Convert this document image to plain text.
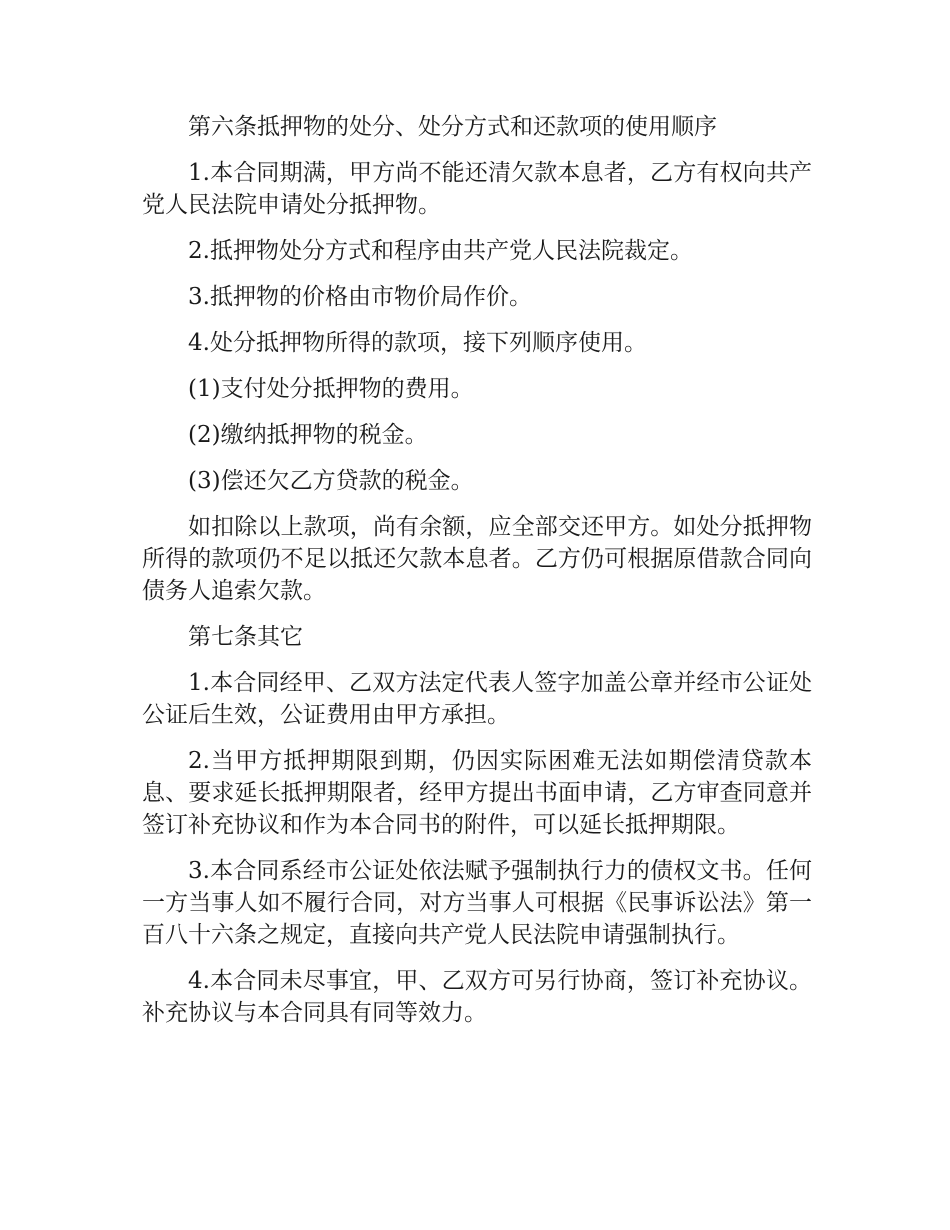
第六条抵押物的处分、处分方式和还款项的使用顺序

1.本合同期满，甲方尚不能还清欠款本息者，乙方有权向共产党人民法院申请处分抵押物。

2.抵押物处分方式和程序由共产党人民法院裁定。

3.抵押物的价格由市物价局作价。

4.处分抵押物所得的款项，接下列顺序使用。

(1)支付处分抵押物的费用。

(2)缴纳抵押物的税金。

(3)偿还欠乙方贷款的税金。

如扣除以上款项，尚有余额，应全部交还甲方。如处分抵押物所得的款项仍不足以抵还欠款本息者。乙方仍可根据原借款合同向债务人追索欠款。

第七条其它

1.本合同经甲、乙双方法定代表人签字加盖公章并经市公证处公证后生效，公证费用由甲方承担。

2.当甲方抵押期限到期，仍因实际困难无法如期偿清贷款本息、要求延长抵押期限者，经甲方提出书面申请，乙方审查同意并签订补充协议和作为本合同书的附件，可以延长抵押期限。

3.本合同系经市公证处依法赋予强制执行力的债权文书。任何一方当事人如不履行合同，对方当事人可根据《民事诉讼法》第一百八十六条之规定，直接向共产党人民法院申请强制执行。

4.本合同未尽事宜，甲、乙双方可另行协商，签订补充协议。补充协议与本合同具有同等效力。
